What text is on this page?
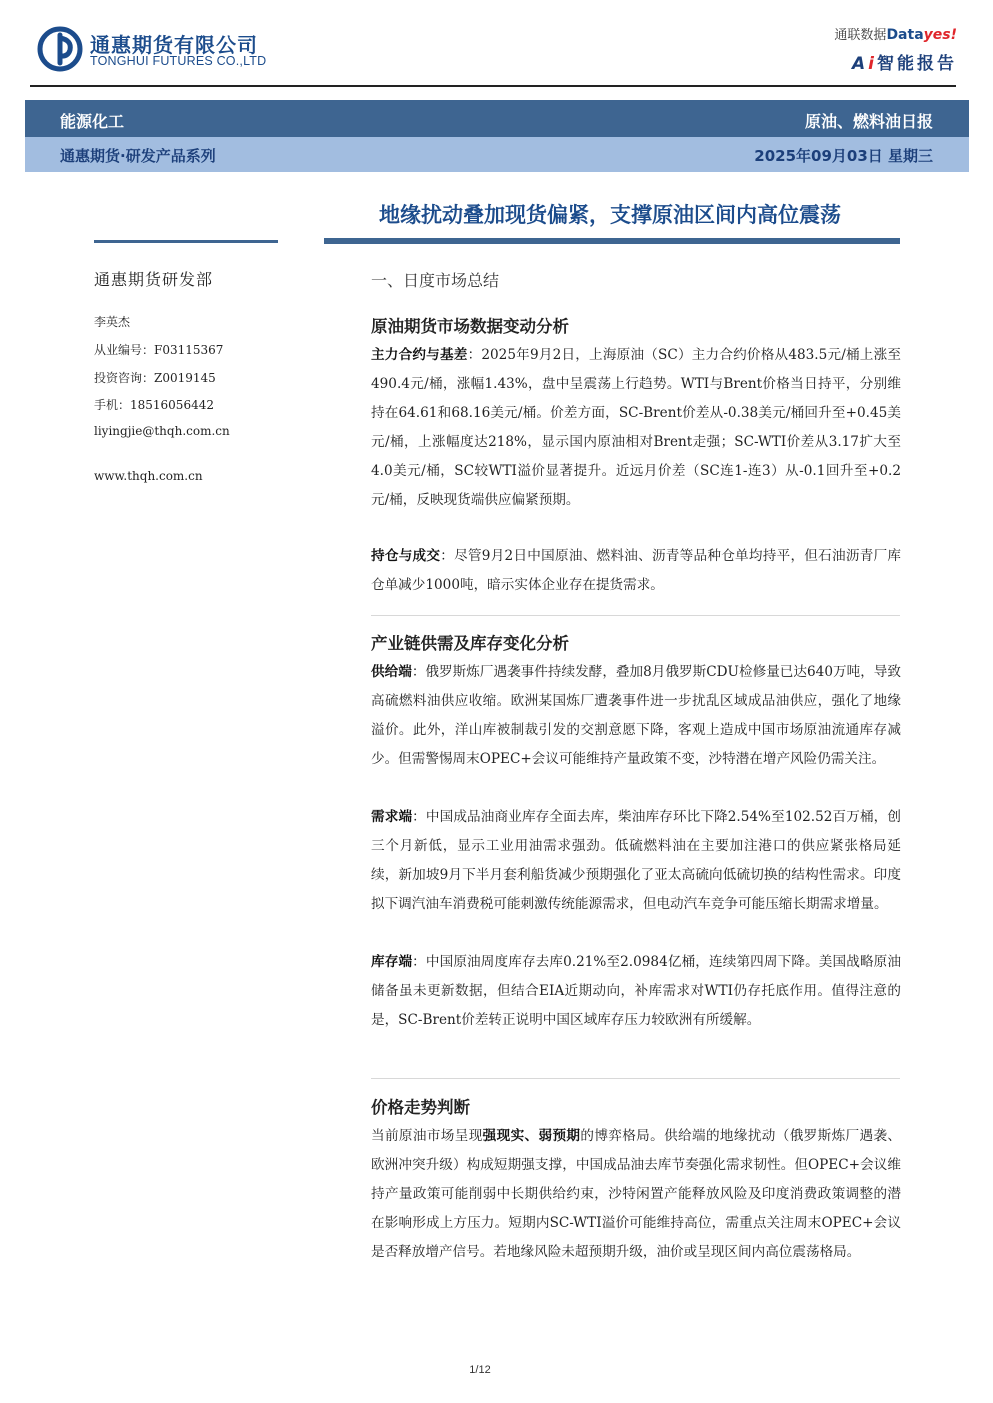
通惠期货有限公司
TONGHUI FUTURES CO.,LTD
通联数据Datayes!
Ai智能报告
能源化工	原油、燃料油日报
通惠期货·研发产品系列	2025年09月03日 星期三
地缘扰动叠加现货偏紧，支撑原油区间内高位震荡
通惠期货研发部
李英杰
从业编号：F03115367
投资咨询：Z0019145
手机：18516056442
liyingjie@thqh.com.cn
www.thqh.com.cn
一、日度市场总结
原油期货市场数据变动分析
主力合约与基差：2025年9月2日，上海原油（SC）主力合约价格从483.5元/桶上涨至490.4元/桶，涨幅1.43%，盘中呈震荡上行趋势。WTI与Brent价格当日持平，分别维持在64.61和68.16美元/桶。价差方面，SC-Brent价差从-0.38美元/桶回升至+0.45美元/桶，上涨幅度达218%，显示国内原油相对Brent走强；SC-WTI价差从3.17扩大至4.0美元/桶，SC较WTI溢价显著提升。近远月价差（SC连1-连3）从-0.1回升至+0.2元/桶，反映现货端供应偏紧预期。
持仓与成交：尽管9月2日中国原油、燃料油、沥青等品种仓单均持平，但石油沥青厂库仓单减少1000吨，暗示实体企业存在提货需求。
产业链供需及库存变化分析
供给端：俄罗斯炼厂遇袭事件持续发酵，叠加8月俄罗斯CDU检修量已达640万吨，导致高硫燃料油供应收缩。欧洲某国炼厂遭袭事件进一步扰乱区域成品油供应，强化了地缘溢价。此外，洋山库被制裁引发的交割意愿下降，客观上造成中国市场原油流通库存减少。但需警惕周末OPEC+会议可能维持产量政策不变，沙特潜在增产风险仍需关注。
需求端：中国成品油商业库存全面去库，柴油库存环比下降2.54%至102.52百万桶，创三个月新低，显示工业用油需求强劲。低硫燃料油在主要加注港口的供应紧张格局延续，新加坡9月下半月套利船货减少预期强化了亚太高硫向低硫切换的结构性需求。印度拟下调汽油车消费税可能刺激传统能源需求，但电动汽车竞争可能压缩长期需求增量。
库存端：中国原油周度库存去库0.21%至2.0984亿桶，连续第四周下降。美国战略原油储备虽未更新数据，但结合EIA近期动向，补库需求对WTI仍存托底作用。值得注意的是，SC-Brent价差转正说明中国区域库存压力较欧洲有所缓解。
价格走势判断
当前原油市场呈现强现实、弱预期的博弈格局。供给端的地缘扰动（俄罗斯炼厂遇袭、欧洲冲突升级）构成短期强支撑，中国成品油去库节奏强化需求韧性。但OPEC+会议维持产量政策可能削弱中长期供给约束，沙特闲置产能释放风险及印度消费政策调整的潜在影响形成上方压力。短期内SC-WTI溢价可能维持高位，需重点关注周末OPEC+会议是否释放增产信号。若地缘风险未超预期升级，油价或呈现区间内高位震荡格局。
1/12
